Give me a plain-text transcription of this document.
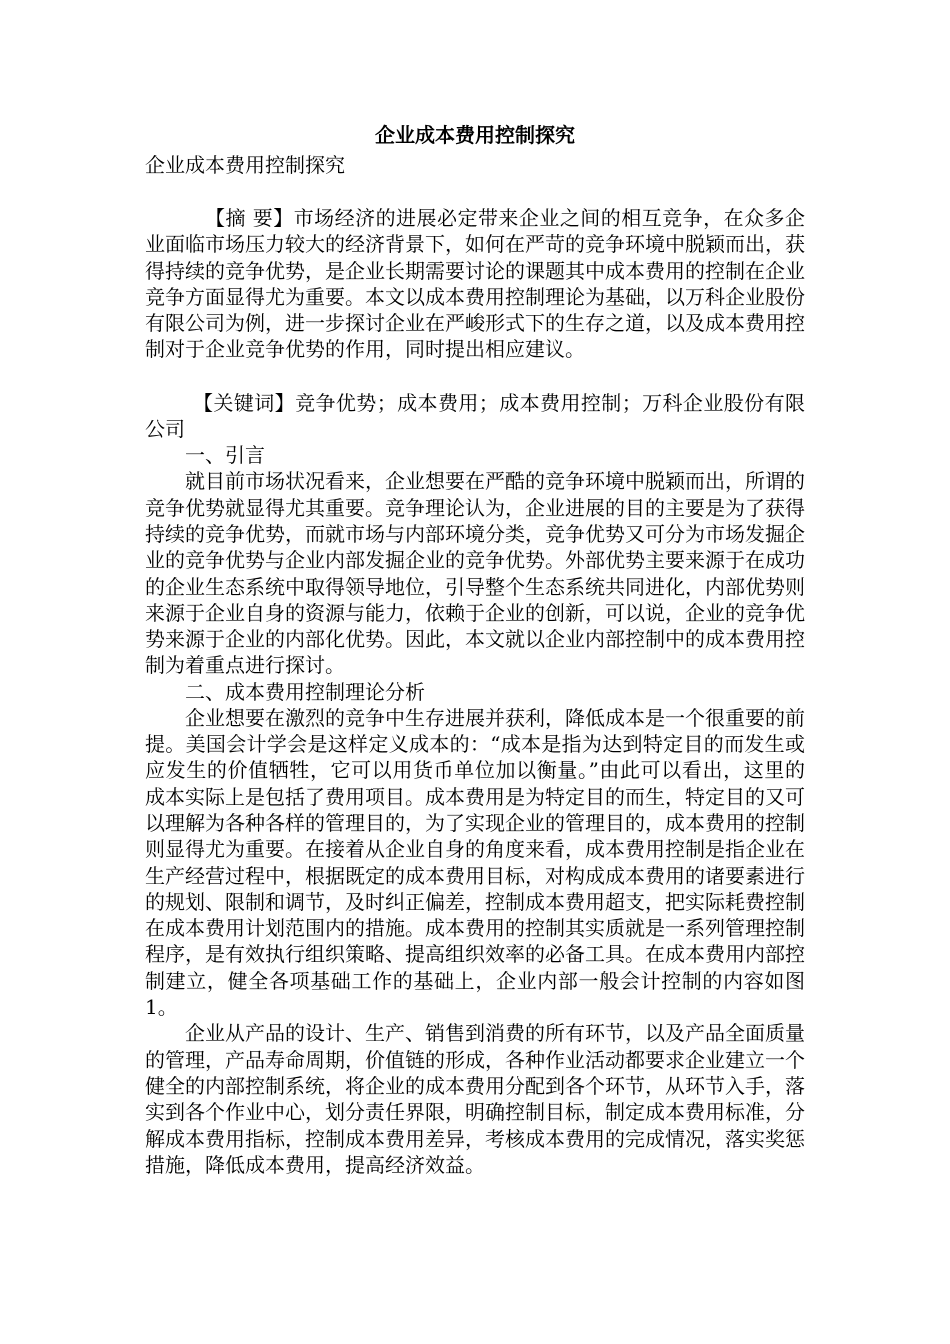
企业成本费用控制探究

企业成本费用控制探究

【摘 要】市场经济的进展必定带来企业之间的相互竞争，在众多企业面临市场压力较大的经济背景下，如何在严苛的竞争环境中脱颖而出，获得持续的竞争优势，是企业长期需要讨论的课题其中成本费用的控制在企业竞争方面显得尤为重要。本文以成本费用控制理论为基础，以万科企业股份有限公司为例，进一步探讨企业在严峻形式下的生存之道，以及成本费用控制对于企业竞争优势的作用，同时提出相应建议。

【关键词】竞争优势；成本费用；成本费用控制；万科企业股份有限公司

一、引言

就目前市场状况看来，企业想要在严酷的竞争环境中脱颖而出，所谓的竞争优势就显得尤其重要。竞争理论认为，企业进展的目的主要是为了获得持续的竞争优势，而就市场与内部环境分类，竞争优势又可分为市场发掘企业的竞争优势与企业内部发掘企业的竞争优势。外部优势主要来源于在成功的企业生态系统中取得领导地位，引导整个生态系统共同进化，内部优势则来源于企业自身的资源与能力，依赖于企业的创新，可以说，企业的竞争优势来源于企业的内部化优势。因此，本文就以企业内部控制中的成本费用控制为着重点进行探讨。

二、成本费用控制理论分析

企业想要在激烈的竞争中生存进展并获利，降低成本是一个很重要的前提。美国会计学会是这样定义成本的：“成本是指为达到特定目的而发生或应发生的价值牺牲，它可以用货币单位加以衡量。”由此可以看出，这里的成本实际上是包括了费用项目。成本费用是为特定目的而生，特定目的又可以理解为各种各样的管理目的，为了实现企业的管理目的，成本费用的控制则显得尤为重要。在接着从企业自身的角度来看，成本费用控制是指企业在生产经营过程中，根据既定的成本费用目标，对构成成本费用的诸要素进行的规划、限制和调节，及时纠正偏差，控制成本费用超支，把实际耗费控制在成本费用计划范围内的措施。成本费用的控制其实质就是一系列管理控制程序，是有效执行组织策略、提高组织效率的必备工具。在成本费用内部控制建立，健全各项基础工作的基础上，企业内部一般会计控制的内容如图 1。

企业从产品的设计、生产、销售到消费的所有环节，以及产品全面质量的管理，产品寿命周期，价值链的形成，各种作业活动都要求企业建立一个健全的内部控制系统，将企业的成本费用分配到各个环节，从环节入手，落实到各个作业中心，划分责任界限，明确控制目标，制定成本费用标准，分解成本费用指标，控制成本费用差异，考核成本费用的完成情况，落实奖惩措施，降低成本费用，提高经济效益。
